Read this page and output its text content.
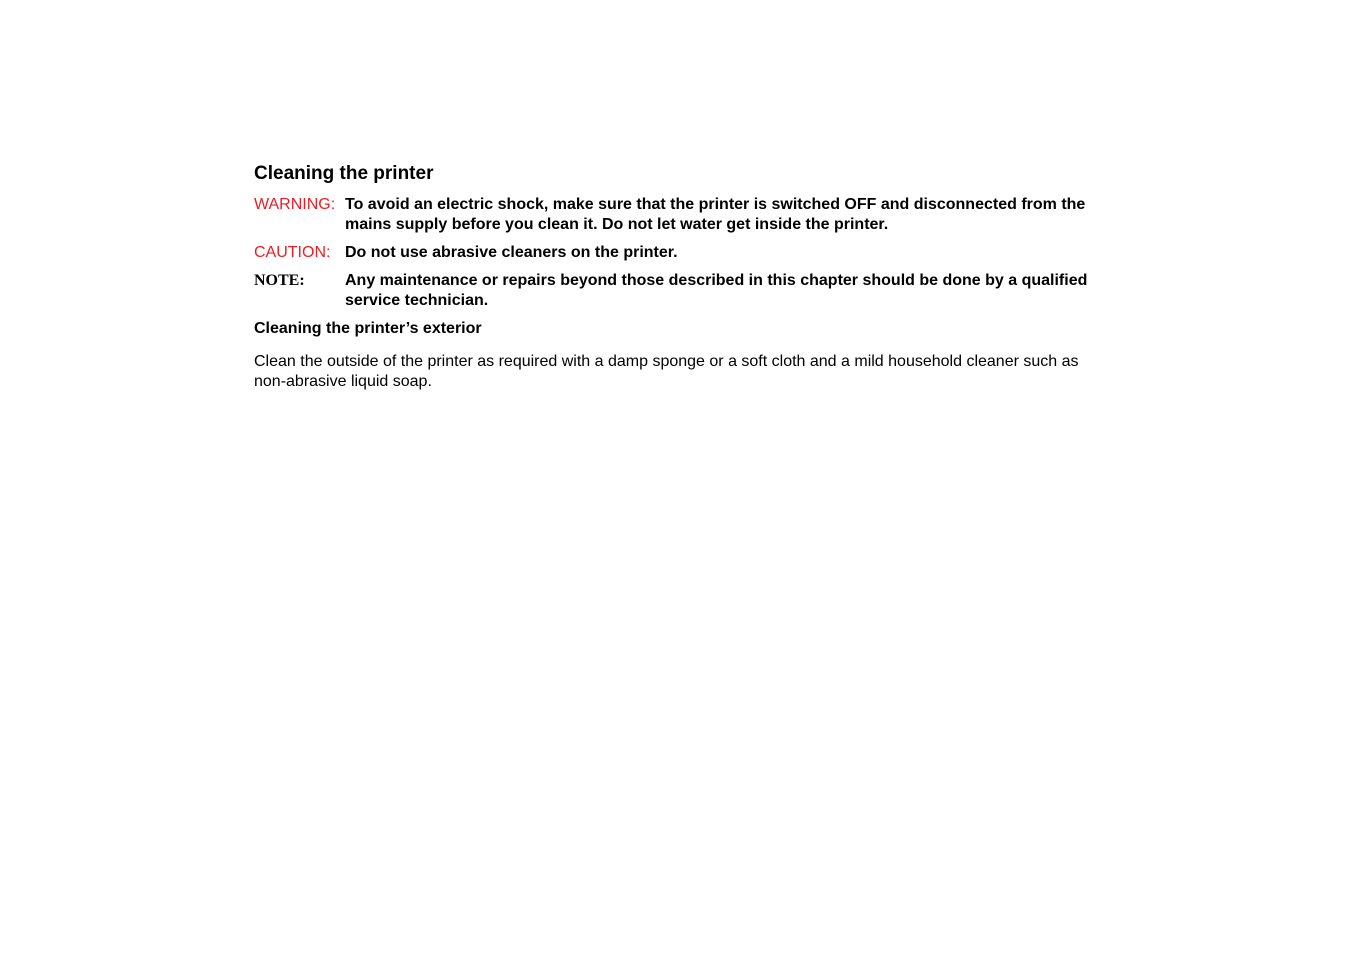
Cleaning the printer
WARNING: To avoid an electric shock, make sure that the printer is switched OFF and disconnected from the mains supply before you clean it. Do not let water get inside the printer.
CAUTION: Do not use abrasive cleaners on the printer.
NOTE:	Any maintenance or repairs beyond those described in this chapter should be done by a qualified service technician.
Cleaning the printer’s exterior

Clean the outside of the printer as required with a damp sponge or a soft cloth and a mild household cleaner such as non-abrasive liquid soap.
